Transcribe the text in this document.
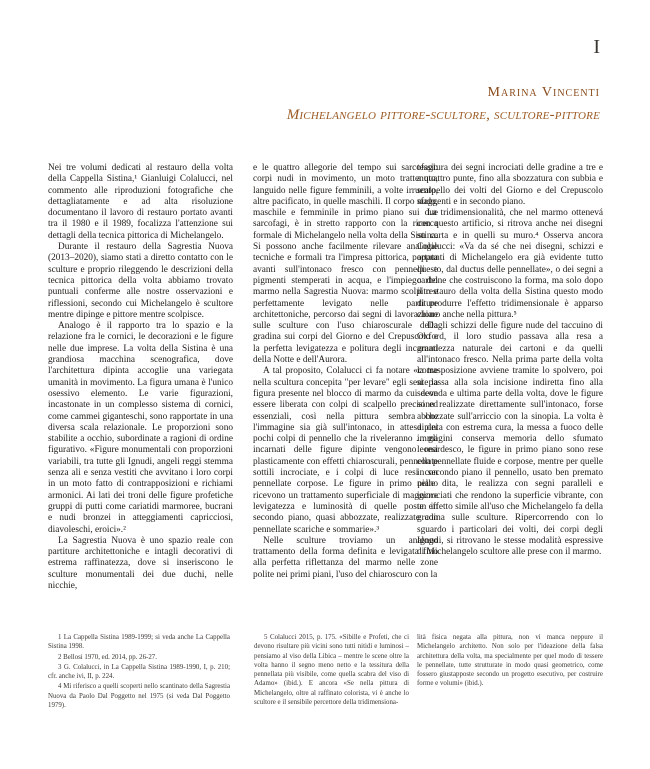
I
Marina Vincenti
Michelangelo pittore-scultore, scultore-pittore

Nei tre volumi dedicati al restauro della volta della Cappella Sistina,¹ Gianluigi Colalucci, nel commento alle riproduzioni fotografiche che dettagliatamente e ad alta risoluzione documentano il lavoro di restauro portato avanti tra il 1980 e il 1989, focalizza l'attenzione sui dettagli della tecnica pittorica di Michelangelo.

Durante il restauro della Sagrestia Nuova (2013–2020), siamo stati a diretto contatto con le sculture e proprio rileggendo le descrizioni della tecnica pittorica della volta abbiamo trovato puntuali conferme alle nostre osservazioni e riflessioni, secondo cui Michelangelo è scultore mentre dipinge e pittore mentre scolpisce.

Analogo è il rapporto tra lo spazio e la relazione fra le cornici, le decorazioni e le figure nelle due imprese. La volta della Sistina è una grandiosa macchina scenografica, dove l'architettura dipinta accoglie una variegata umanità in movimento. La figura umana è l'unico osessivo elemento. Le varie figurazioni, incastonate in un complesso sistema di cornici, come cammei giganteschi, sono rapportate in una diversa scala relazionale. Le proporzioni sono stabilite a occhio, subordinate a ragioni di ordine figurativo. «Figure monumentali con proporzioni variabili, tra tutte gli Ignudi, angeli reggi stemma senza ali e senza vestiti che avvitano i loro corpi in un moto fatto di contrapposizioni e richiami armonici. Ai lati dei troni delle figure profetiche gruppi di putti come cariatidi marmoree, bucrani e nudi bronzei in atteggiamenti capricciosi, diavoleschi, eroici».²

La Sagrestia Nuova è uno spazio reale con partiture architettoniche e intagli decorativi di estrema raffinatezza, dove si inseriscono le sculture monumentali dei due duchi, nelle nicchie,

e le quattro allegorie del tempo sui sarcofagi: corpi nudi in movimento, un moto trattenuto, languido nelle figure femminili, a volte irruento, altre pacificato, in quelle maschili. Il corpo nudo, maschile e femminile in primo piano sui due sarcofagi, è in stretto rapporto con la ricerca formale di Michelangelo nella volta della Sistina. Si possono anche facilmente rilevare analogie tecniche e formali tra l'impresa pittorica, portata avanti sull'intonaco fresco con pennelli e pigmenti stemperati in acqua, e l'impiego del marmo nella Sagrestia Nuova: marmo scolpito e perfettamente levigato nelle partiture architettoniche, percorso dai segni di lavorazione sulle sculture con l'uso chiaroscurale della gradina sui corpi del Giorno e del Crepuscolo e la perfetta levigatezza e politura degli incarnati della Notte e dell'Aurora.

A tal proposito, Colalucci ci fa notare «come nella scultura concepita "per levare" egli sente la figura presente nel blocco di marmo da cui deve essere liberata con colpi di scalpello precisi ed essenziali, così nella pittura sembra che l'immagine sia già sull'intonaco, in attesa dei pochi colpi di pennello che la riveleranno … gli incarnati delle figure dipinte vengono resi plasticamente con effetti chiaroscurali, pennellate sottili incrociate, e i colpi di luce resi con pennellate corpose. Le figure in primo piano ricevono un trattamento superficiale di maggiore levigatezza e luminosità di quelle poste in secondo piano, quasi abbozzate, realizzate con pennellate scariche e sommarie».³

Nelle sculture troviamo un analogo trattamento della forma definita e levigata fino alla perfetta riflettanza del marmo nelle zone polite nei primi piani, l'uso del chiaroscuro con la

tessitura dei segni incrociati delle gradine a tre e a quattro punte, fino alla sbozzatura con subbia e scalpello dei volti del Giorno e del Crepuscolo sfaggenti e in secondo piano.

La tridimensionalità, che nel marmo ottenevá con questo artificio, si ritrova anche nei disegni su carta e in quelli su muro.⁴ Osserva ancora Colalucci: «Va da sé che nei disegni, schizzi e appunti di Michelangelo era già evidente tutto questo, dal ductus delle pennellate», o dei segni a carbone che costruiscono la forma, ma solo dopo il restauro della volta della Sistina questo modo di produrre l'effetto tridimensionale è apparso chiaro anche nella pittura.⁵

Dagli schizzi delle figure nude del taccuino di Oxford, il loro studio passava alla resa a grandezza naturale dei cartoni e da quelli all'intonaco fresco. Nella prima parte della volta la trasposizione avviene tramite lo spolvero, poi si passa alla sola incisione indiretta fino alla seconda e ultima parte della volta, dove le figure sono realizzate direttamente sull'intonaco, forse abbozzate sull'arriccio con la sinopia. La volta è dipinta con estrema cura, la messa a fuoco delle immagini conserva memoria dello sfumato leonardesco, le figure in primo piano sono rese con pennellate fluide e corpose, mentre per quelle in secondo piano il pennello, usato ben premato nelle dita, le realizza con segni paralleli e incrociati che rendono la superficie vibrante, con un effetto simile all'uso che Michelangelo fa della gradina sulle sculture. Ripercorrendo con lo sguardo i particolari dei volti, dei corpi degli Ignudi, si ritrovano le stesse modalità espressive di Michelangelo scultore alle prese con il marmo.

1 La Cappella Sistina 1989-1999; si veda anche La Cappella Sistina 1998.

2 Bellosi 1970, ed. 2014, pp. 26-27.

3 G. Colalucci, in La Cappella Sistina 1989-1990, I, p. 210; cfr. anche ivi, II, p. 224.

4 Mi riferisco a quelli scoperti nello scantinato della Sagrestia Nuova da Paolo Dal Poggetto nel 1975 (si veda Dal Poggetto 1979).

5 Colalucci 2015, p. 175. «Sibille e Profeti, che ci devono risultare più vicini sono tutti nitidi e luminosi – pensiamo al viso della Libica – mentre le scene oltre la volta hanno il segno meno netto e la tessitura della pennellata più visibile, come quella scabra del viso di Adamo» (ibid.). E ancora «Se nella pittura di Michelangelo, oltre al raffinato colorista, vi è anche lo scultore e il sensibile percettore della tridimensiona-

lità fisica negata alla pittura, non vi manca neppure il Michelangelo architetto. Non solo per l'ideazione della falsa architettura della volta, ma specialmente per quel modo di tessere le pennellate, tutte strutturate in modo quasi geometrico, come fossero giustapposte secondo un progetto esecutivo, per costruire forme e volumi» (ibid.).
